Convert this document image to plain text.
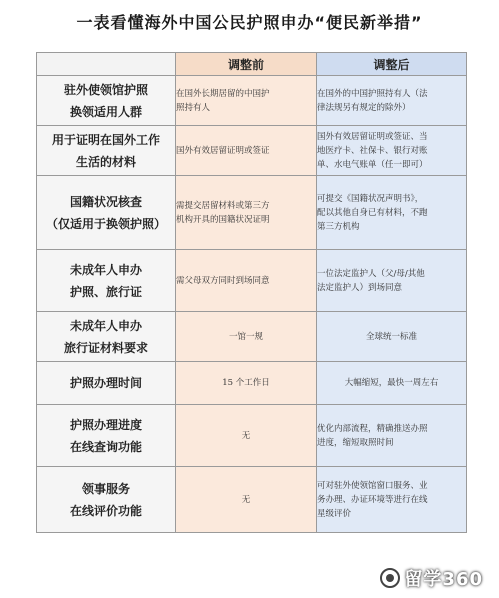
一表看懂海外中国公民护照申办“便民新举措”
	调整前	调整后

驻外使领馆护照
换领适用人群	在国外长期居留的中国护
照持有人	在国外的中国护照持有人（法
律法规另有规定的除外）

用于证明在国外工作
生活的材料	国外有效居留证明或签证	国外有效居留证明或签证、当
地医疗卡、社保卡、银行对账
单、水电气账单（任一即可）

国籍状况核查
（仅适用于换领护照）	需提交居留材料或第三方
机构开具的国籍状况证明	可提交《国籍状况声明书》，
配以其他自身已有材料，不跑
第三方机构

未成年人申办
护照、旅行证	需父母双方同时到场同意	一位法定监护人（父/母/其他
法定监护人）到场同意

未成年人申办
旅行证材料要求	一馆一规	全球统一标准

护照办理时间	15 个工作日	大幅缩短，最快一周左右

护照办理进度
在线查询功能	无	优化内部流程，精确推送办照
进度，缩短取照时间

领事服务
在线评价功能	无	可对驻外使领馆窗口服务、业
务办理、办证环境等进行在线
星级评价
留学360
